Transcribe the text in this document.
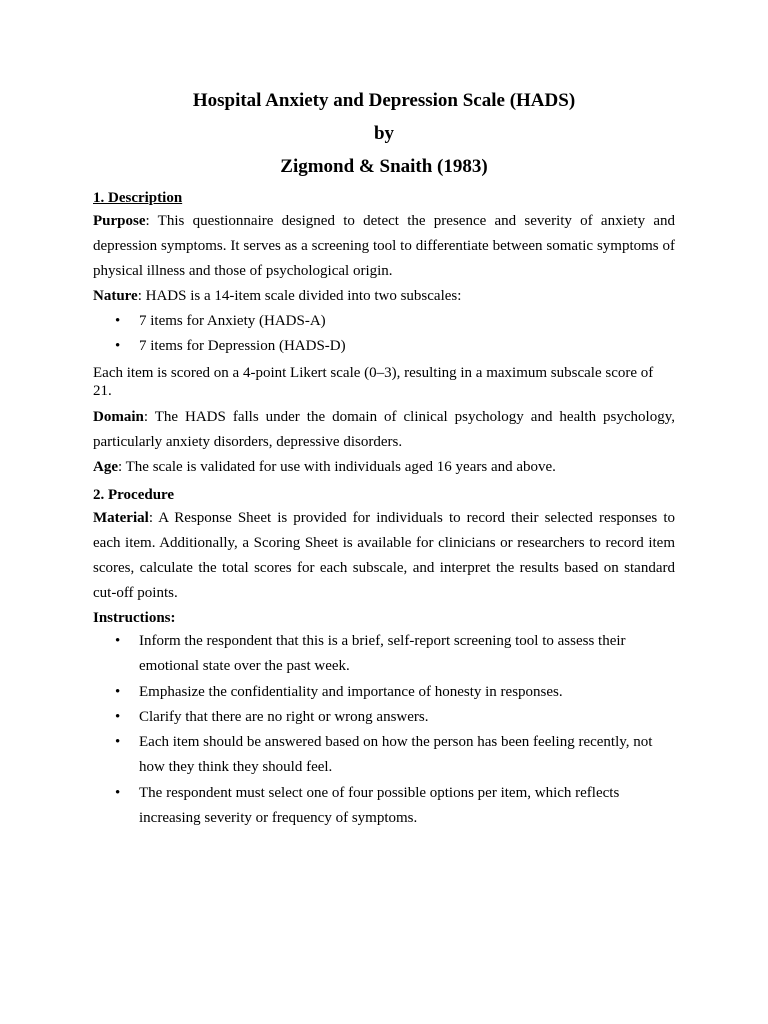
Hospital Anxiety and Depression Scale (HADS)
by
Zigmond & Snaith (1983)

1. Description

Purpose: This questionnaire designed to detect the presence and severity of anxiety and depression symptoms. It serves as a screening tool to differentiate between somatic symptoms of physical illness and those of psychological origin.

Nature: HADS is a 14-item scale divided into two subscales:

• 7 items for Anxiety (HADS-A)
• 7 items for Depression (HADS-D)

Each item is scored on a 4-point Likert scale (0–3), resulting in a maximum subscale score of 21.

Domain: The HADS falls under the domain of clinical psychology and health psychology, particularly anxiety disorders, depressive disorders.

Age: The scale is validated for use with individuals aged 16 years and above.

2. Procedure

Material: A Response Sheet is provided for individuals to record their selected responses to each item. Additionally, a Scoring Sheet is available for clinicians or researchers to record item scores, calculate the total scores for each subscale, and interpret the results based on standard cut-off points.

Instructions:

• Inform the respondent that this is a brief, self-report screening tool to assess their emotional state over the past week.
• Emphasize the confidentiality and importance of honesty in responses.
• Clarify that there are no right or wrong answers.
• Each item should be answered based on how the person has been feeling recently, not how they think they should feel.
• The respondent must select one of four possible options per item, which reflects increasing severity or frequency of symptoms.
